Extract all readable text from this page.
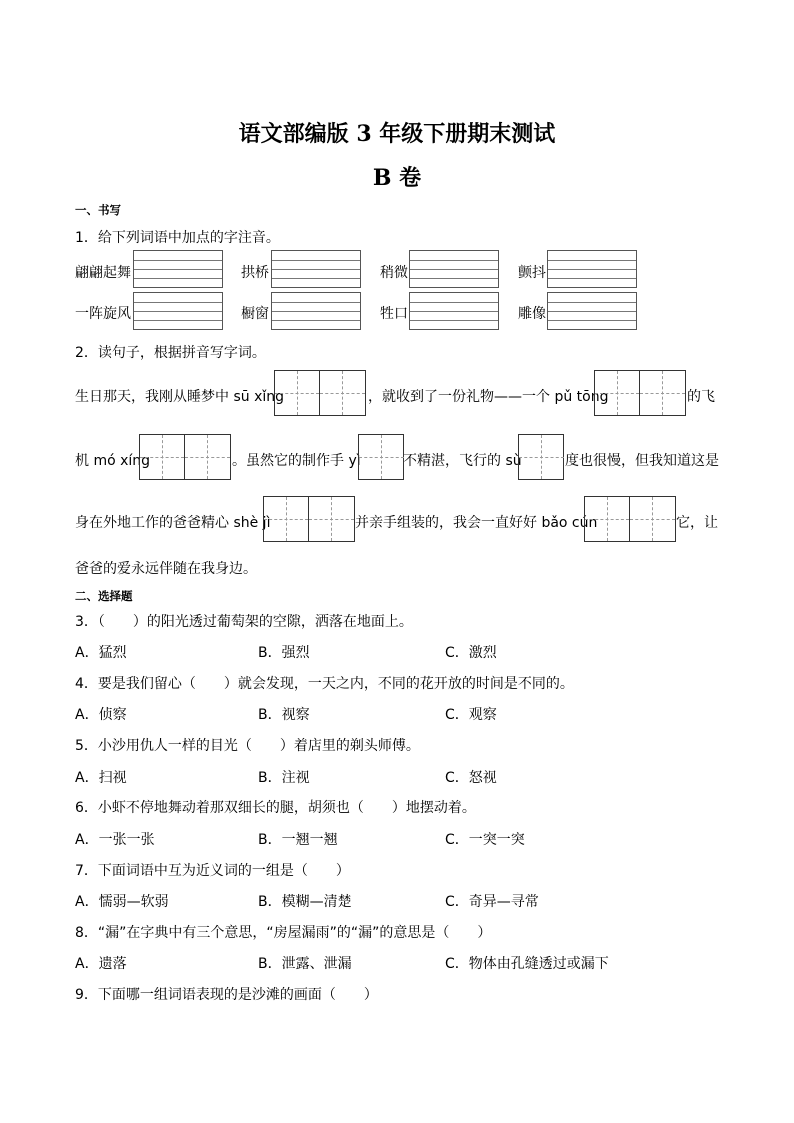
语文部编版 3 年级下册期末测试
B 卷
一、书写
1．给下列词语中加点的字注音。
翩翩起舞	拱桥	稍微	颤抖
一阵旋风	橱窗	牲口	雕像
2．读句子，根据拼音写字词。
生日那天，我刚从睡梦中 sū xǐng	，就收到了一份礼物——一个 pǔ tōng	的飞
机 mó xíng	。虽然它的制作手 yì	不精湛，飞行的 sù	度也很慢，但我知道这是
身在外地工作的爸爸精心 shè jì	并亲手组装的，我会一直好好 bǎo cún	它，让
爸爸的爱永远伴随在我身边。
二、选择题
3．（　　）的阳光透过葡萄架的空隙，洒落在地面上。
A．猛烈	B．强烈	C．激烈
4．要是我们留心（　　）就会发现，一天之内，不同的花开放的时间是不同的。
A．侦察	B．视察	C．观察
5．小沙用仇人一样的目光（　　）着店里的剃头师傅。
A．扫视	B．注视	C．怒视
6．小虾不停地舞动着那双细长的腿，胡须也（　　）地摆动着。
A．一张一张	B．一翘一翘	C．一突一突
7．下面词语中互为近义词的一组是（　　）
A．懦弱—软弱	B．模糊—清楚	C．奇异—寻常
8．“漏”在字典中有三个意思，“房屋漏雨”的“漏”的意思是（　　）
A．遗落	B．泄露、泄漏	C．物体由孔缝透过或漏下
9．下面哪一组词语表现的是沙滩的画面（　　）
